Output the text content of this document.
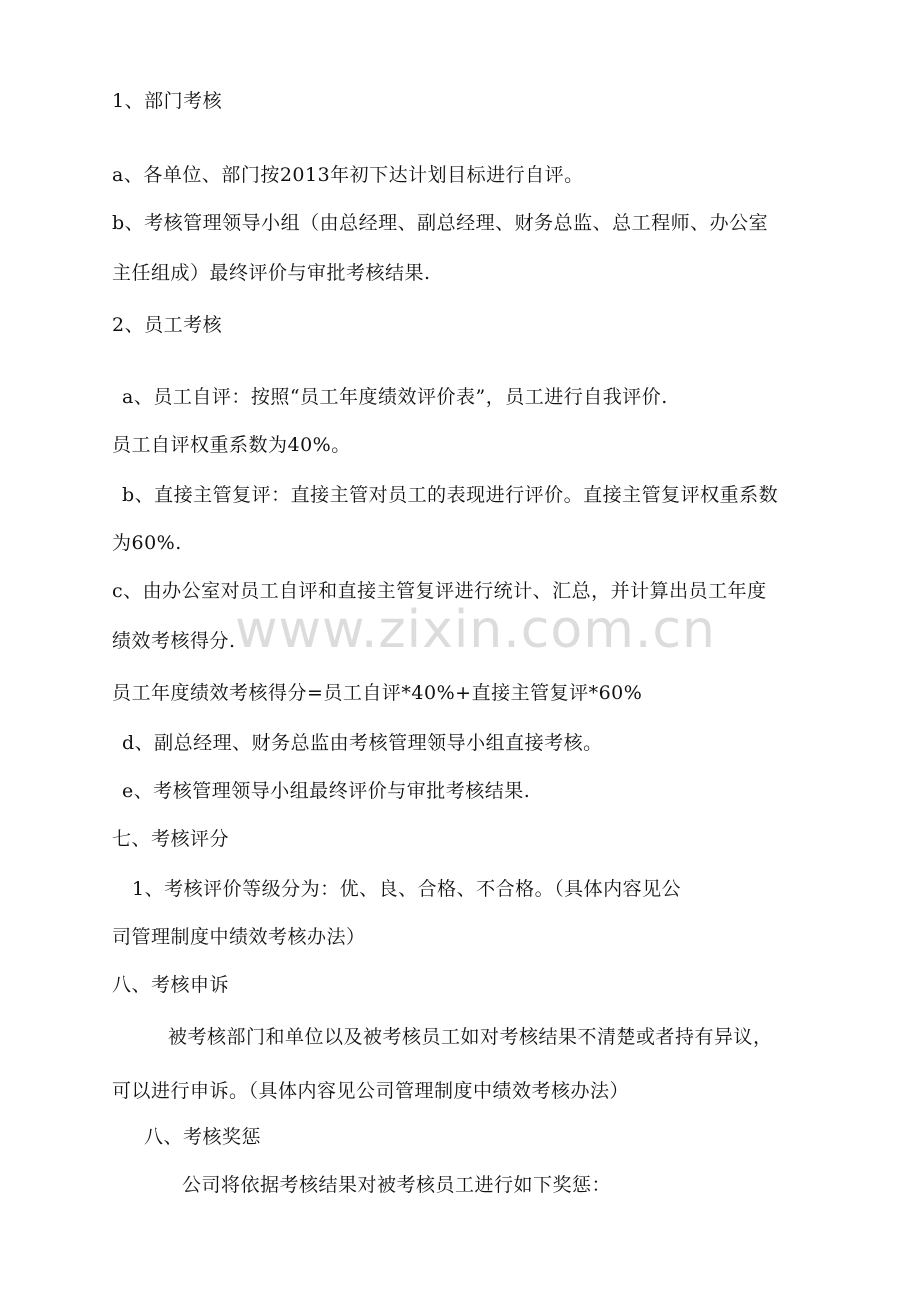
www.zixin.com.cn
1、部门考核
a、各单位、部门按2013年初下达计划目标进行自评。
b、考核管理领导小组（由总经理、副总经理、财务总监、总工程师、办公室
主任组成）最终评价与审批考核结果.
2、员工考核
a、员工自评：按照“员工年度绩效评价表”，员工进行自我评价.
员工自评权重系数为40%。
b、直接主管复评：直接主管对员工的表现进行评价。直接主管复评权重系数
为60%.
c、由办公室对员工自评和直接主管复评进行统计、汇总，并计算出员工年度
绩效考核得分.
员工年度绩效考核得分=员工自评*40%+直接主管复评*60%
d、副总经理、财务总监由考核管理领导小组直接考核。
e、考核管理领导小组最终评价与审批考核结果.
七、考核评分
1、考核评价等级分为：优、良、合格、不合格。（具体内容见公
司管理制度中绩效考核办法）
八、考核申诉
被考核部门和单位以及被考核员工如对考核结果不清楚或者持有异议，
可以进行申诉。（具体内容见公司管理制度中绩效考核办法）
八、考核奖惩
公司将依据考核结果对被考核员工进行如下奖惩：
